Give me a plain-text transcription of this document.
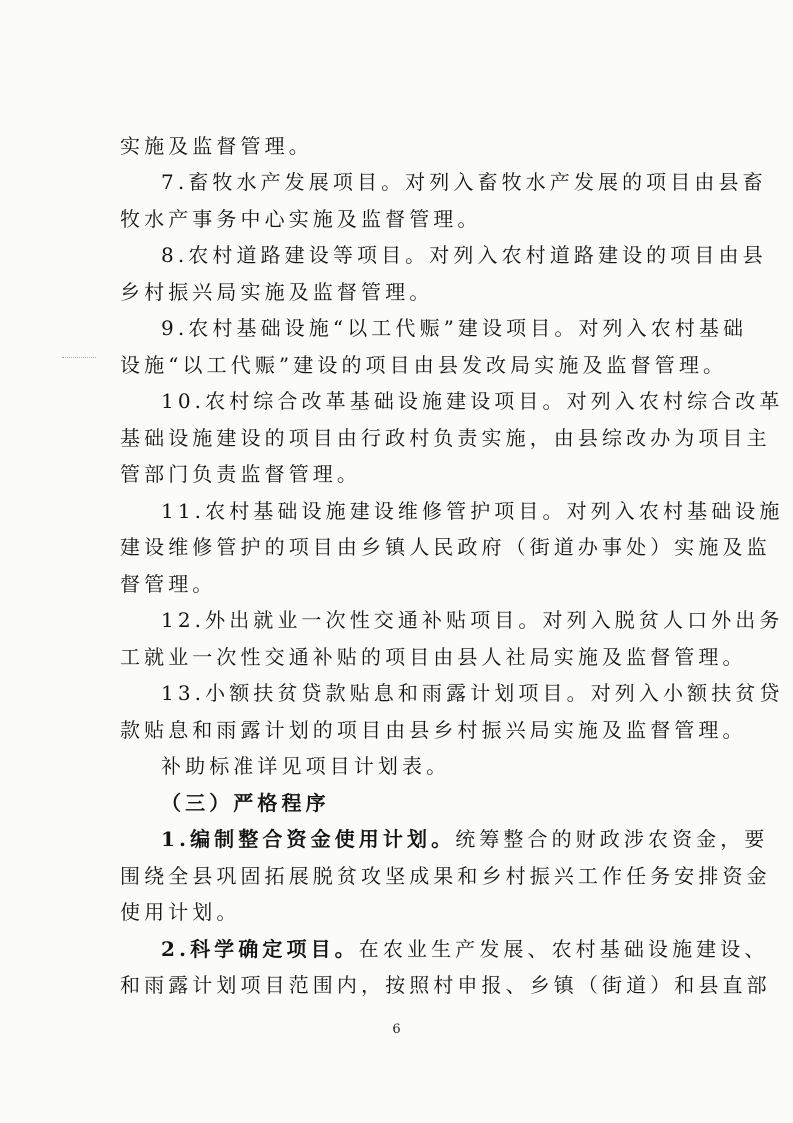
实施及监督管理。
7.畜牧水产发展项目。对列入畜牧水产发展的项目由县畜
牧水产事务中心实施及监督管理。
8.农村道路建设等项目。对列入农村道路建设的项目由县
乡村振兴局实施及监督管理。
9.农村基础设施“以工代赈”建设项目。对列入农村基础
设施“以工代赈”建设的项目由县发改局实施及监督管理。
10.农村综合改革基础设施建设项目。对列入农村综合改革
基础设施建设的项目由行政村负责实施，由县综改办为项目主
管部门负责监督管理。
11.农村基础设施建设维修管护项目。对列入农村基础设施
建设维修管护的项目由乡镇人民政府（街道办事处）实施及监
督管理。
12.外出就业一次性交通补贴项目。对列入脱贫人口外出务
工就业一次性交通补贴的项目由县人社局实施及监督管理。
13.小额扶贫贷款贴息和雨露计划项目。对列入小额扶贫贷
款贴息和雨露计划的项目由县乡村振兴局实施及监督管理。
补助标准详见项目计划表。
（三）严格程序
1.编制整合资金使用计划。统筹整合的财政涉农资金，要
围绕全县巩固拓展脱贫攻坚成果和乡村振兴工作任务安排资金
使用计划。
2.科学确定项目。在农业生产发展、农村基础设施建设、
和雨露计划项目范围内，按照村申报、乡镇（街道）和县直部
6
